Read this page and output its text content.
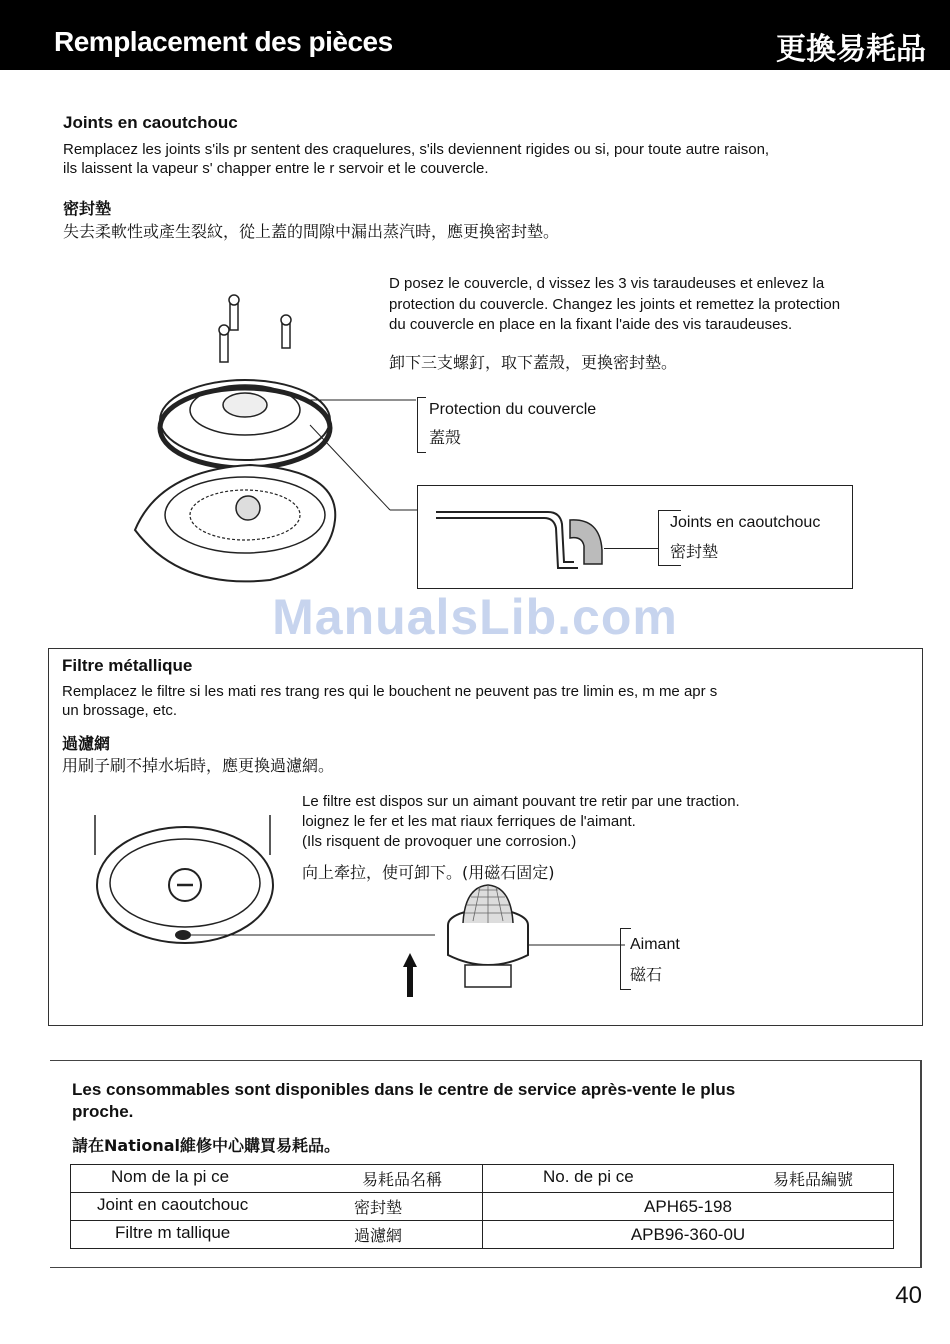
Remplacement des pièces	更換易耗品
Joints en caoutchouc
Remplacez les joints s'ils pr sentent des craquelures, s'ils deviennent rigides ou si, pour toute autre raison,
ils laissent la vapeur s' chapper entre le r servoir et le couvercle.
密封墊
失去柔軟性或產生裂紋，從上蓋的間隙中漏出蒸汽時，應更換密封墊。
D posez le couvercle, d vissez les 3 vis taraudeuses et enlevez la
protection du couvercle. Changez les joints et remettez la protection
du couvercle en place en la fixant l'aide des vis taraudeuses.
卸下三支螺釘，取下蓋殼，更換密封墊。
Protection du couvercle
蓋殼
Joints en caoutchouc
密封墊
ManualsLib.com
Filtre métallique
Remplacez le filtre si les mati res trang res qui le bouchent ne peuvent pas tre limin es, m me apr s
un brossage, etc.
過濾網
用刷子刷不掉水垢時，應更換過濾網。
Le filtre est dispos sur un aimant pouvant tre retir par une traction.
loignez le fer et les mat riaux ferriques de l'aimant.
(Ils risquent de provoquer une corrosion.)
向上牽拉，使可卸下。(用磁石固定)
Aimant
磁石
Les consommables sont disponibles dans le centre de service après-vente le plus
proche.
請在National維修中心購買易耗品。
Nom de la pi ce 易耗品名稱	No. de pi ce 易耗品編號

Joint en caoutchouc 密封墊	APH65-198

Filtre m tallique 過濾網	APB96-360-0U
40
